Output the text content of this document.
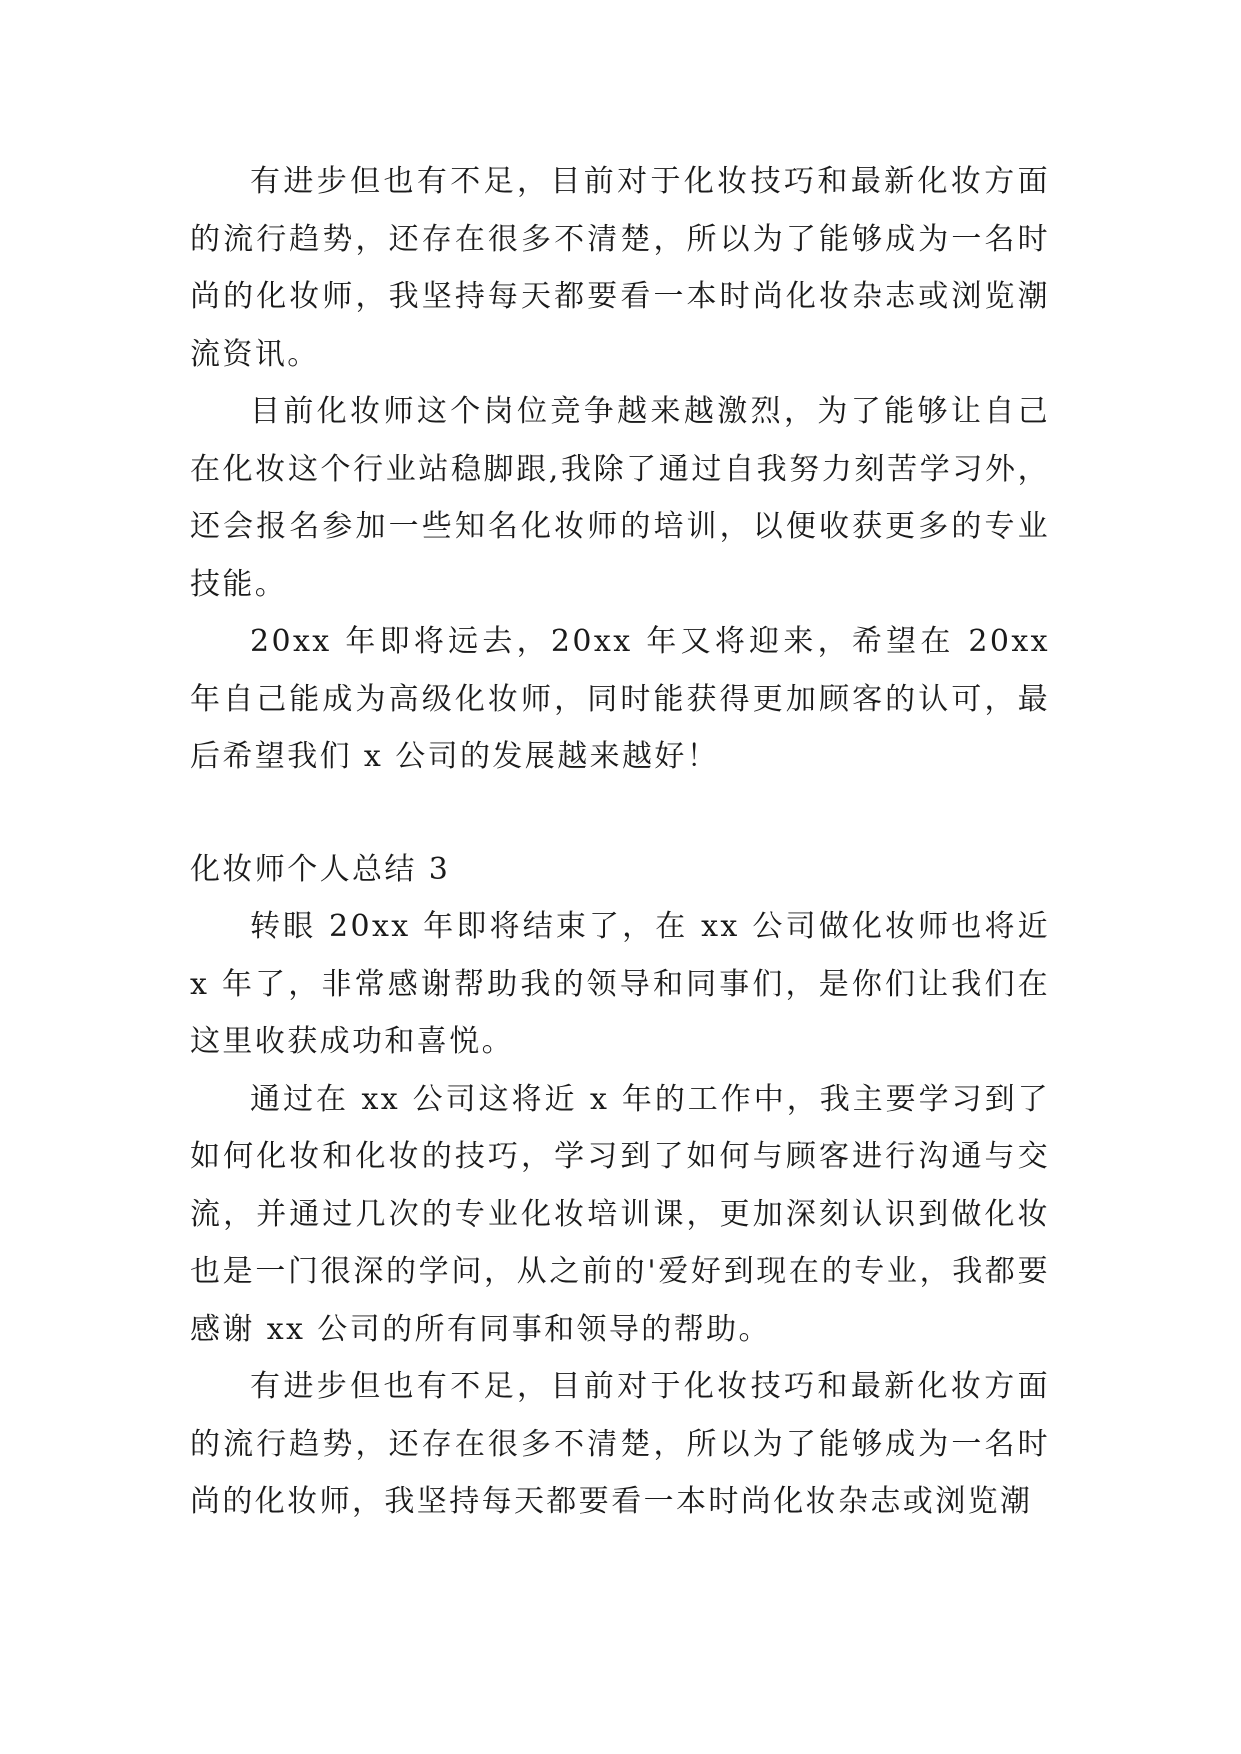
有进步但也有不足，目前对于化妆技巧和最新化妆方面的流行趋势，还存在很多不清楚，所以为了能够成为一名时尚的化妆师，我坚持每天都要看一本时尚化妆杂志或浏览潮流资讯。

目前化妆师这个岗位竞争越来越激烈，为了能够让自己在化妆这个行业站稳脚跟,我除了通过自我努力刻苦学习外，还会报名参加一些知名化妆师的培训，以便收获更多的专业技能。

20xx 年即将远去，20xx 年又将迎来，希望在 20xx 年自己能成为高级化妆师，同时能获得更加顾客的认可，最后希望我们 x 公司的发展越来越好！

化妆师个人总结 3

转眼 20xx 年即将结束了，在 xx 公司做化妆师也将近 x 年了，非常感谢帮助我的领导和同事们，是你们让我们在这里收获成功和喜悦。

通过在 xx 公司这将近 x 年的工作中，我主要学习到了如何化妆和化妆的技巧，学习到了如何与顾客进行沟通与交流，并通过几次的专业化妆培训课，更加深刻认识到做化妆也是一门很深的学问，从之前的'爱好到现在的专业，我都要感谢 xx 公司的所有同事和领导的帮助。

有进步但也有不足，目前对于化妆技巧和最新化妆方面的流行趋势，还存在很多不清楚，所以为了能够成为一名时尚的化妆师，我坚持每天都要看一本时尚化妆杂志或浏览潮
